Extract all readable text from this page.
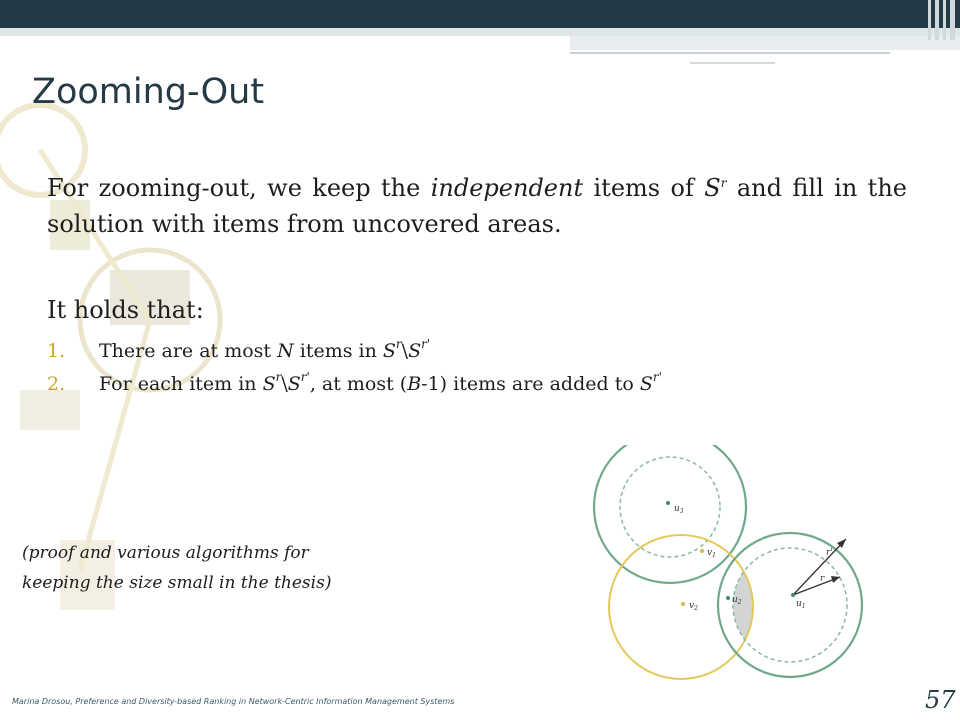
Zooming-Out

For zooming-out, we keep the independent items of $S^r$ and fill in the solution with items from uncovered areas.

It holds that:

1. There are at most N items in $S^r\backslash S^{r'}$
2. For each item in $S^r\backslash S^{r'}$, at most (B-1) items are added to $S^{r'}$

(proof and various algorithms for
keeping the size small in the thesis)

$u_3$
$v_1$
$v_2$
$u_2$	$u_1$
r'
r
Marina Drosou, Preference and Diversity-based Ranking in Network-Centric Information Management Systems	57
